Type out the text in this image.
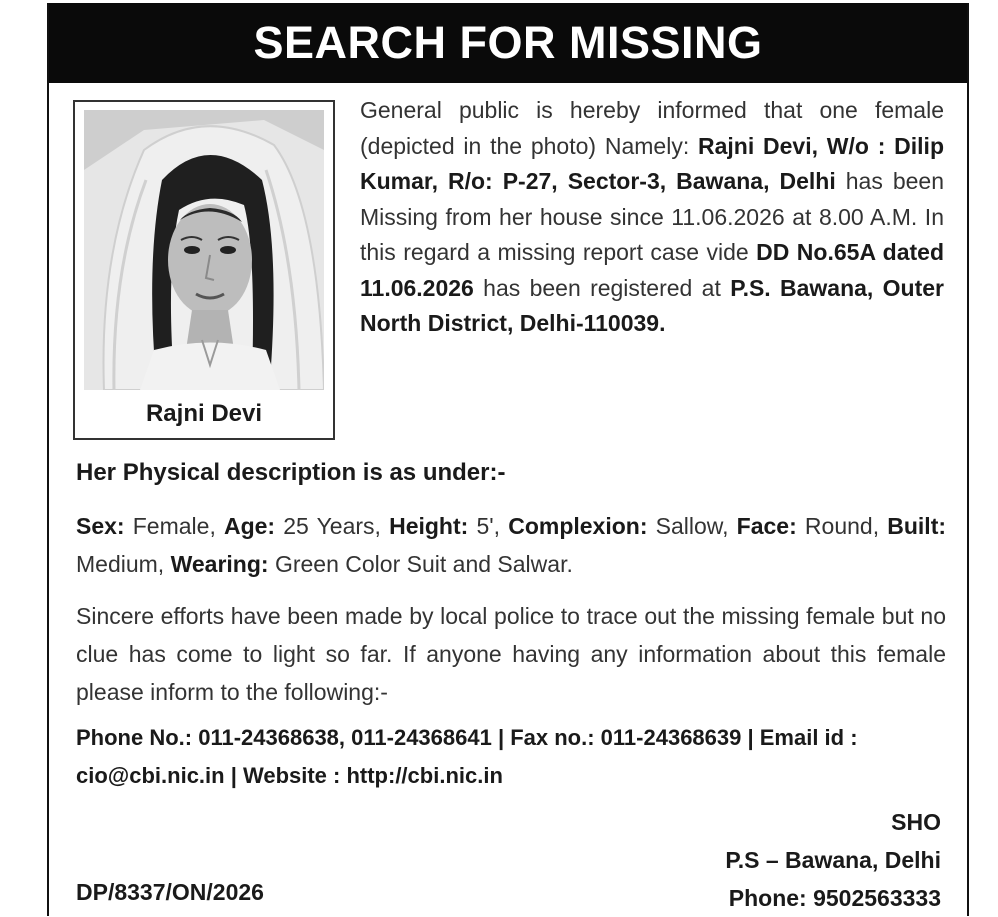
SEARCH FOR MISSING
Rajni Devi
General public is hereby informed that one female (depicted in the photo) Namely: Rajni Devi, W/o : Dilip Kumar, R/o: P-27, Sector-3, Bawana, Delhi has been Missing from her house since 11.06.2026 at 8.00 A.M. In this regard a missing report case vide DD No.65A dated 11.06.2026 has been registered at P.S. Bawana, Outer North District, Delhi-110039.
Her Physical description is as under:-
Sex: Female, Age: 25 Years, Height: 5', Complexion: Sallow, Face: Round, Built: Medium, Wearing: Green Color Suit and Salwar.
Sincere efforts have been made by local police to trace out the missing female but no clue has come to light so far. If anyone having any information about this female please inform to the following:-
Phone No.: 011-24368638, 011-24368641 | Fax no.: 011-24368639 | Email id : cio@cbi.nic.in | Website : http://cbi.nic.in
SHO
P.S – Bawana, Delhi
Phone: 9502563333
DP/8337/ON/2026
